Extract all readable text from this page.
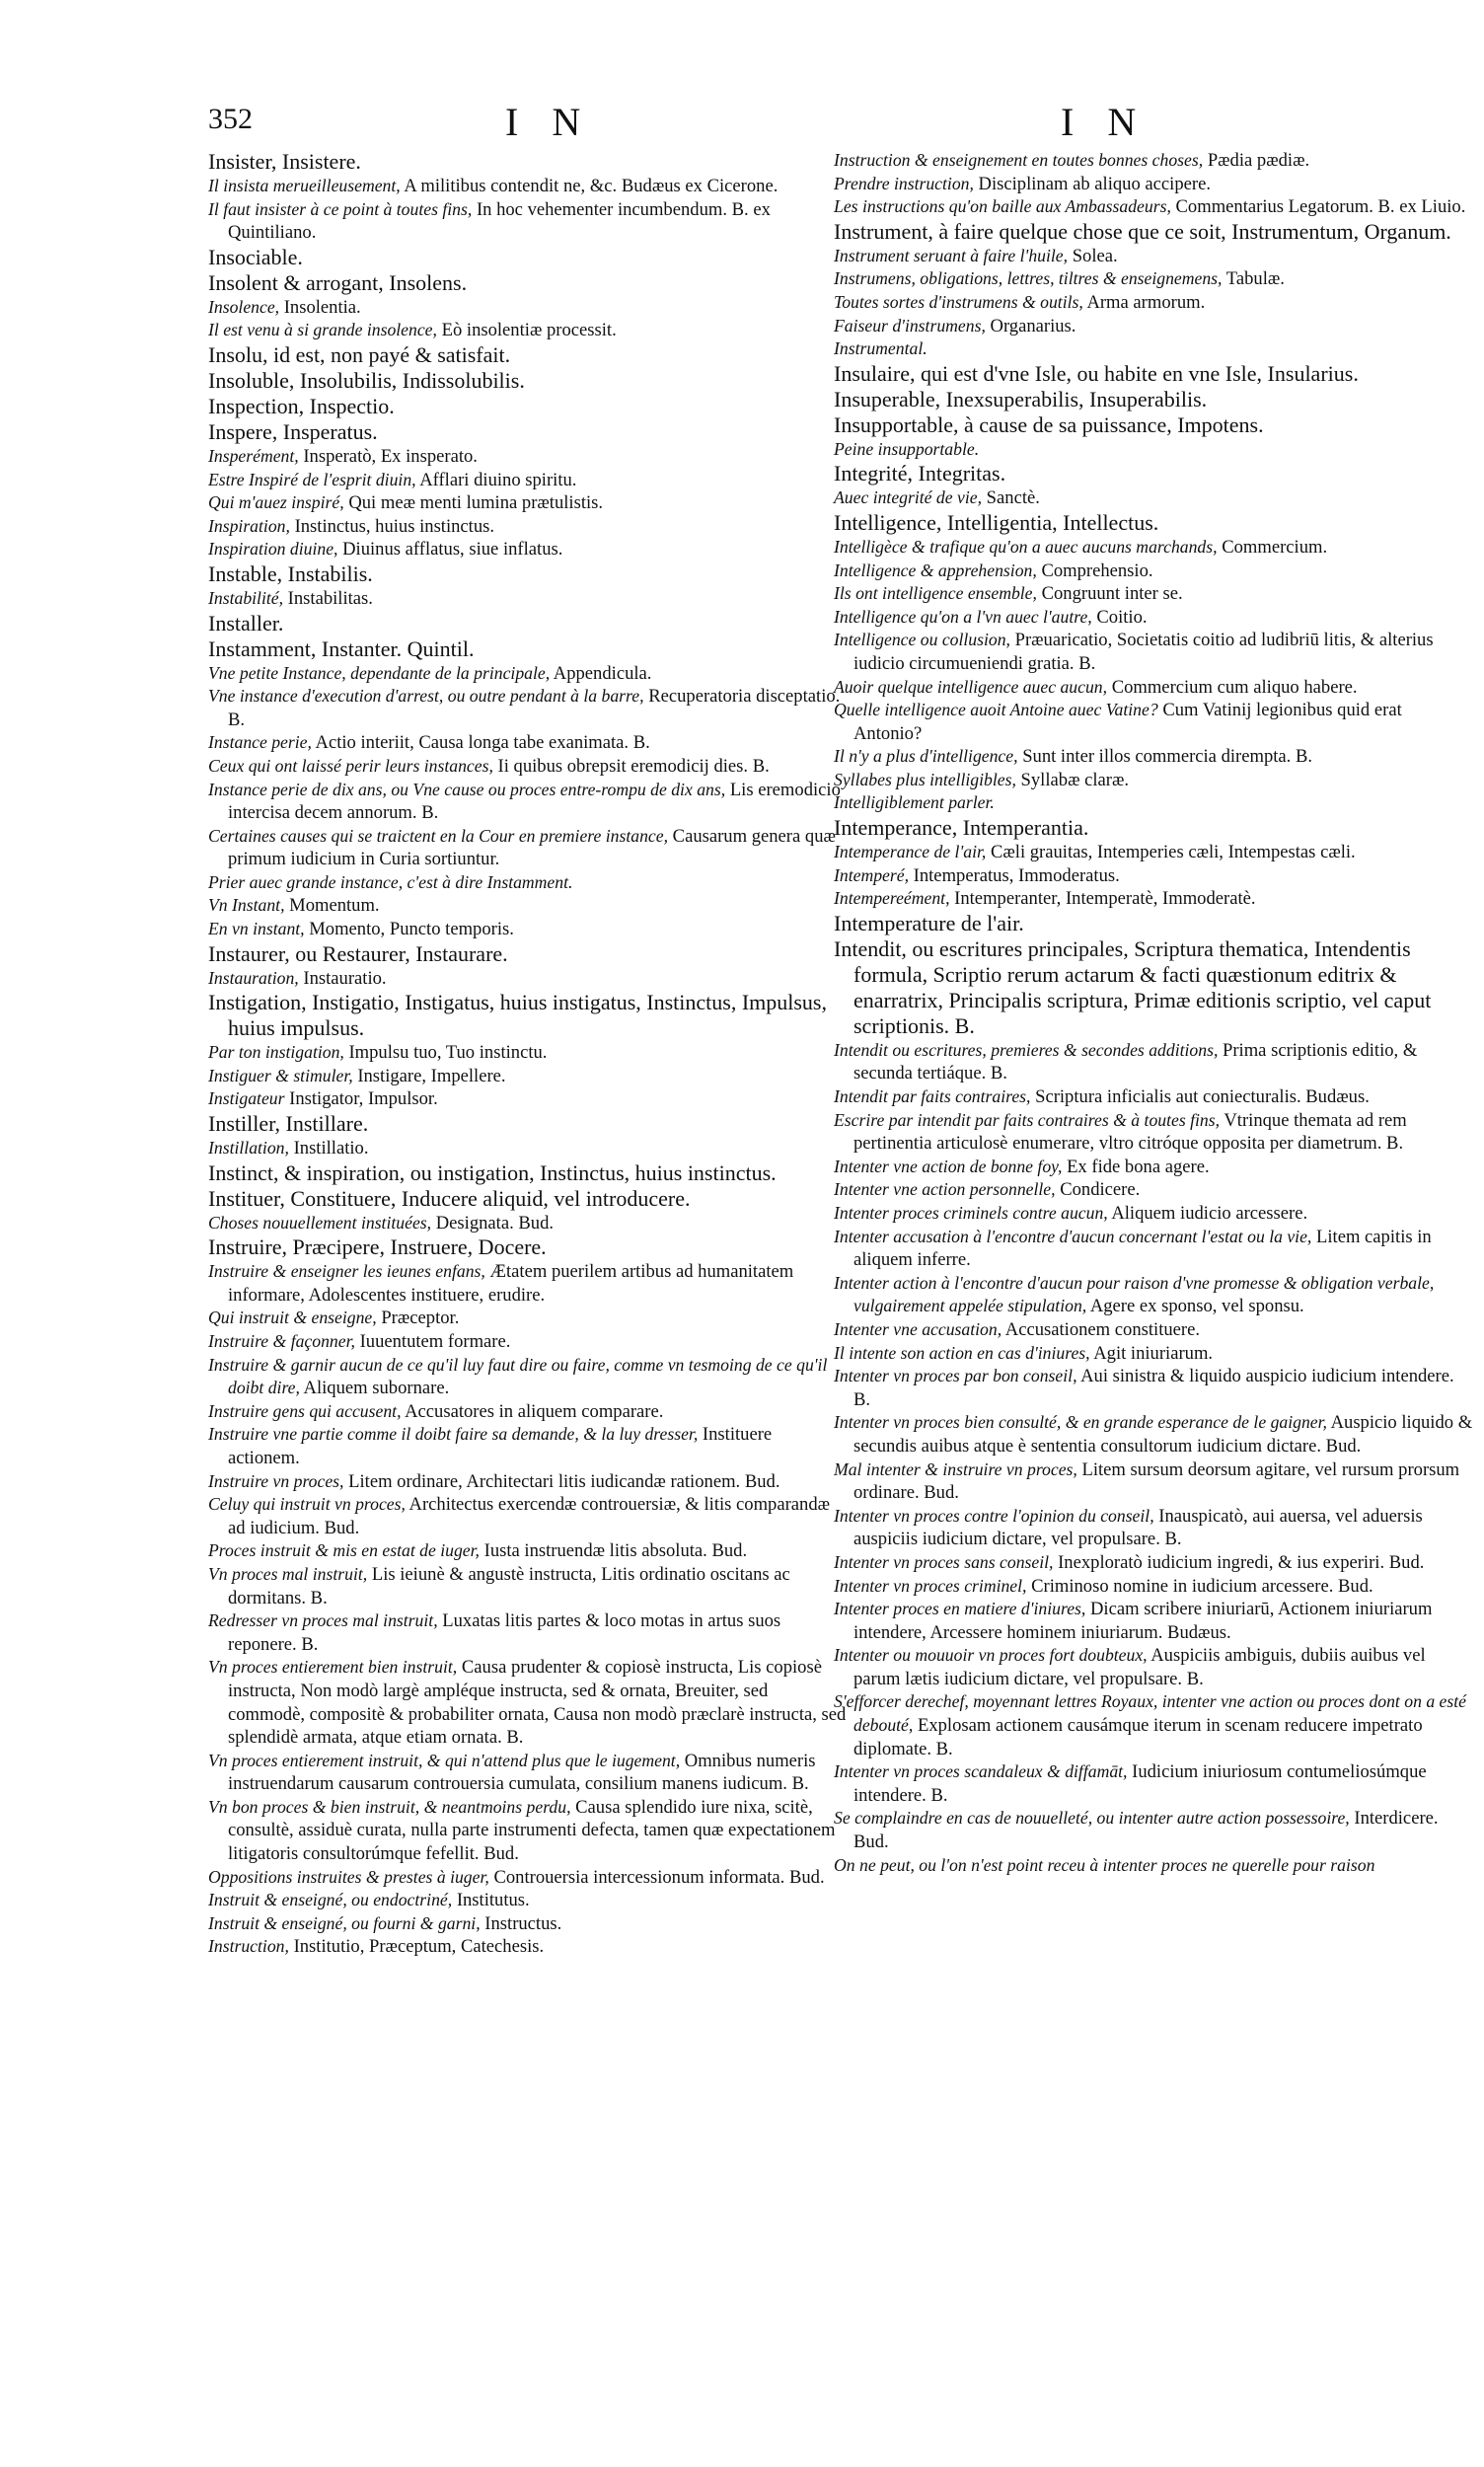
352	I N	I N

Insister, Insistere.

Il insista merueilleusement, A militibus contendit ne, &c. Budæus ex Cicerone.

Il faut insister à ce point à toutes fins, In hoc vehementer incumbendum. B. ex Quintiliano.

Insociable.

Insolent & arrogant, Insolens.

Insolence, Insolentia.

Il est venu à si grande insolence, Eò insolentiæ processit.

Insolu, id est, non payé & satisfait.

Insoluble, Insolubilis, Indissolubilis.

Inspection, Inspectio.

Inspere, Insperatus.

Insperément, Insperatò, Ex insperato.

Estre Inspiré de l'esprit diuin, Afflari diuino spiritu.

Qui m'auez inspiré, Qui meæ menti lumina prætulistis.

Inspiration, Instinctus, huius instinctus.

Inspiration diuine, Diuinus afflatus, siue inflatus.

Instable, Instabilis.

Instabilité, Instabilitas.

Installer.

Instamment, Instanter. Quintil.

Vne petite Instance, dependante de la principale, Appendicula.

Vne instance d'execution d'arrest, ou outre pendant à la barre, Recuperatoria disceptatio. B.

Instance perie, Actio interiit, Causa longa tabe exanimata. B.

Ceux qui ont laissé perir leurs instances, Ii quibus obrepsit eremodicij dies. B.

Instance perie de dix ans, ou Vne cause ou proces entre-rompu de dix ans, Lis eremodicio intercisa decem annorum. B.

Certaines causes qui se traictent en la Cour en premiere instance, Causarum genera quæ primum iudicium in Curia sortiuntur.

Prier auec grande instance, c'est à dire Instamment.

Vn Instant, Momentum.

En vn instant, Momento, Puncto temporis.

Instaurer, ou Restaurer, Instaurare.

Instauration, Instauratio.

Instigation, Instigatio, Instigatus, huius instigatus, Instinctus, Impulsus, huius impulsus.

Par ton instigation, Impulsu tuo, Tuo instinctu.

Instiguer & stimuler, Instigare, Impellere.

Instigateur Instigator, Impulsor.

Instiller, Instillare.

Instillation, Instillatio.

Instinct, & inspiration, ou instigation, Instinctus, huius instinctus.

Instituer, Constituere, Inducere aliquid, vel introducere.

Choses nouuellement instituées, Designata. Bud.

Instruire, Præcipere, Instruere, Docere.

Instruire & enseigner les ieunes enfans, Ætatem puerilem artibus ad humanitatem informare, Adolescentes instituere, erudire.

Qui instruit & enseigne, Præceptor.

Instruire & façonner, Iuuentutem formare.

Instruire & garnir aucun de ce qu'il luy faut dire ou faire, comme vn tesmoing de ce qu'il doibt dire, Aliquem subornare.

Instruire gens qui accusent, Accusatores in aliquem comparare.

Instruire vne partie comme il doibt faire sa demande, & la luy dresser, Instituere actionem.

Instruire vn proces, Litem ordinare, Architectari litis iudicandæ rationem. Bud.

Celuy qui instruit vn proces, Architectus exercendæ controuersiæ, & litis comparandæ ad iudicium. Bud.

Proces instruit & mis en estat de iuger, Iusta instruendæ litis absoluta. Bud.

Vn proces mal instruit, Lis ieiunè & angustè instructa, Litis ordinatio oscitans ac dormitans. B.

Redresser vn proces mal instruit, Luxatas litis partes & loco motas in artus suos reponere. B.

Vn proces entierement bien instruit, Causa prudenter & copiosè instructa, Lis copiosè instructa, Non modò largè ampléque instructa, sed & ornata, Breuiter, sed commodè, compositè & probabiliter ornata, Causa non modò præclarè instructa, sed splendidè armata, atque etiam ornata. B.

Vn proces entierement instruit, & qui n'attend plus que le iugement, Omnibus numeris instruendarum causarum controuersia cumulata, consilium manens iudicum. B.

Vn bon proces & bien instruit, & neantmoins perdu, Causa splendido iure nixa, scitè, consultè, assiduè curata, nulla parte instrumenti defecta, tamen quæ expectationem litigatoris consultorúmque fefellit. Bud.

Oppositions instruites & prestes à iuger, Controuersia intercessionum informata. Bud.

Instruit & enseigné, ou endoctriné, Institutus.

Instruit & enseigné, ou fourni & garni, Instructus.

Instruction, Institutio, Præceptum, Catechesis.

Instruction & enseignement en toutes bonnes choses, Pædia pædiæ.

Prendre instruction, Disciplinam ab aliquo accipere.

Les instructions qu'on baille aux Ambassadeurs, Commentarius Legatorum. B. ex Liuio.

Instrument, à faire quelque chose que ce soit, Instrumentum, Organum.

Instrument seruant à faire l'huile, Solea.

Instrumens, obligations, lettres, tiltres & enseignemens, Tabulæ.

Toutes sortes d'instrumens & outils, Arma armorum.

Faiseur d'instrumens, Organarius.

Instrumental.

Insulaire, qui est d'vne Isle, ou habite en vne Isle, Insularius.

Insuperable, Inexsuperabilis, Insuperabilis.

Insupportable, à cause de sa puissance, Impotens.

Peine insupportable.

Integrité, Integritas.

Auec integrité de vie, Sanctè.

Intelligence, Intelligentia, Intellectus.

Intelligèce & trafique qu'on a auec aucuns marchands, Commercium.

Intelligence & apprehension, Comprehensio.

Ils ont intelligence ensemble, Congruunt inter se.

Intelligence qu'on a l'vn auec l'autre, Coitio.

Intelligence ou collusion, Præuaricatio, Societatis coitio ad ludibriū litis, & alterius iudicio circumueniendi gratia. B.

Auoir quelque intelligence auec aucun, Commercium cum aliquo habere.

Quelle intelligence auoit Antoine auec Vatine? Cum Vatinij legionibus quid erat Antonio?

Il n'y a plus d'intelligence, Sunt inter illos commercia dirempta. B.

Syllabes plus intelligibles, Syllabæ claræ.

Intelligiblement parler.

Intemperance, Intemperantia.

Intemperance de l'air, Cæli grauitas, Intemperies cæli, Intempestas cæli.

Intemperé, Intemperatus, Immoderatus.

Intempereément, Intemperanter, Intemperatè, Immoderatè.

Intemperature de l'air.

Intendit, ou escritures principales, Scriptura thematica, Intendentis formula, Scriptio rerum actarum & facti quæstionum editrix & enarratrix, Principalis scriptura, Primæ editionis scriptio, vel caput scriptionis. B.

Intendit ou escritures, premieres & secondes additions, Prima scriptionis editio, & secunda tertiáque. B.

Intendit par faits contraires, Scriptura inficialis aut coniecturalis. Budæus.

Escrire par intendit par faits contraires & à toutes fins, Vtrinque themata ad rem pertinentia articulosè enumerare, vltro citróque opposita per diametrum. B.

Intenter vne action de bonne foy, Ex fide bona agere.

Intenter vne action personnelle, Condicere.

Intenter proces criminels contre aucun, Aliquem iudicio arcessere.

Intenter accusation à l'encontre d'aucun concernant l'estat ou la vie, Litem capitis in aliquem inferre.

Intenter action à l'encontre d'aucun pour raison d'vne promesse & obligation verbale, vulgairement appelée stipulation, Agere ex sponso, vel sponsu.

Intenter vne accusation, Accusationem constituere.

Il intente son action en cas d'iniures, Agit iniuriarum.

Intenter vn proces par bon conseil, Aui sinistra & liquido auspicio iudicium intendere. B.

Intenter vn proces bien consulté, & en grande esperance de le gaigner, Auspicio liquido & secundis auibus atque è sententia consultorum iudicium dictare. Bud.

Mal intenter & instruire vn proces, Litem sursum deorsum agitare, vel rursum prorsum ordinare. Bud.

Intenter vn proces contre l'opinion du conseil, Inauspicatò, aui auersa, vel aduersis auspiciis iudicium dictare, vel propulsare. B.

Intenter vn proces sans conseil, Inexploratò iudicium ingredi, & ius experiri. Bud.

Intenter vn proces criminel, Criminoso nomine in iudicium arcessere. Bud.

Intenter proces en matiere d'iniures, Dicam scribere iniuriarū, Actionem iniuriarum intendere, Arcessere hominem iniuriarum. Budæus.

Intenter ou mouuoir vn proces fort doubteux, Auspiciis ambiguis, dubiis auibus vel parum lætis iudicium dictare, vel propulsare. B.

S'efforcer derechef, moyennant lettres Royaux, intenter vne action ou proces dont on a esté debouté, Explosam actionem causámque iterum in scenam reducere impetrato diplomate. B.

Intenter vn proces scandaleux & diffamāt, Iudicium iniuriosum contumeliosúmque intendere. B.

Se complaindre en cas de nouuelleté, ou intenter autre action possessoire, Interdicere. Bud.

On ne peut, ou l'on n'est point receu à intenter proces ne querelle pour raison
